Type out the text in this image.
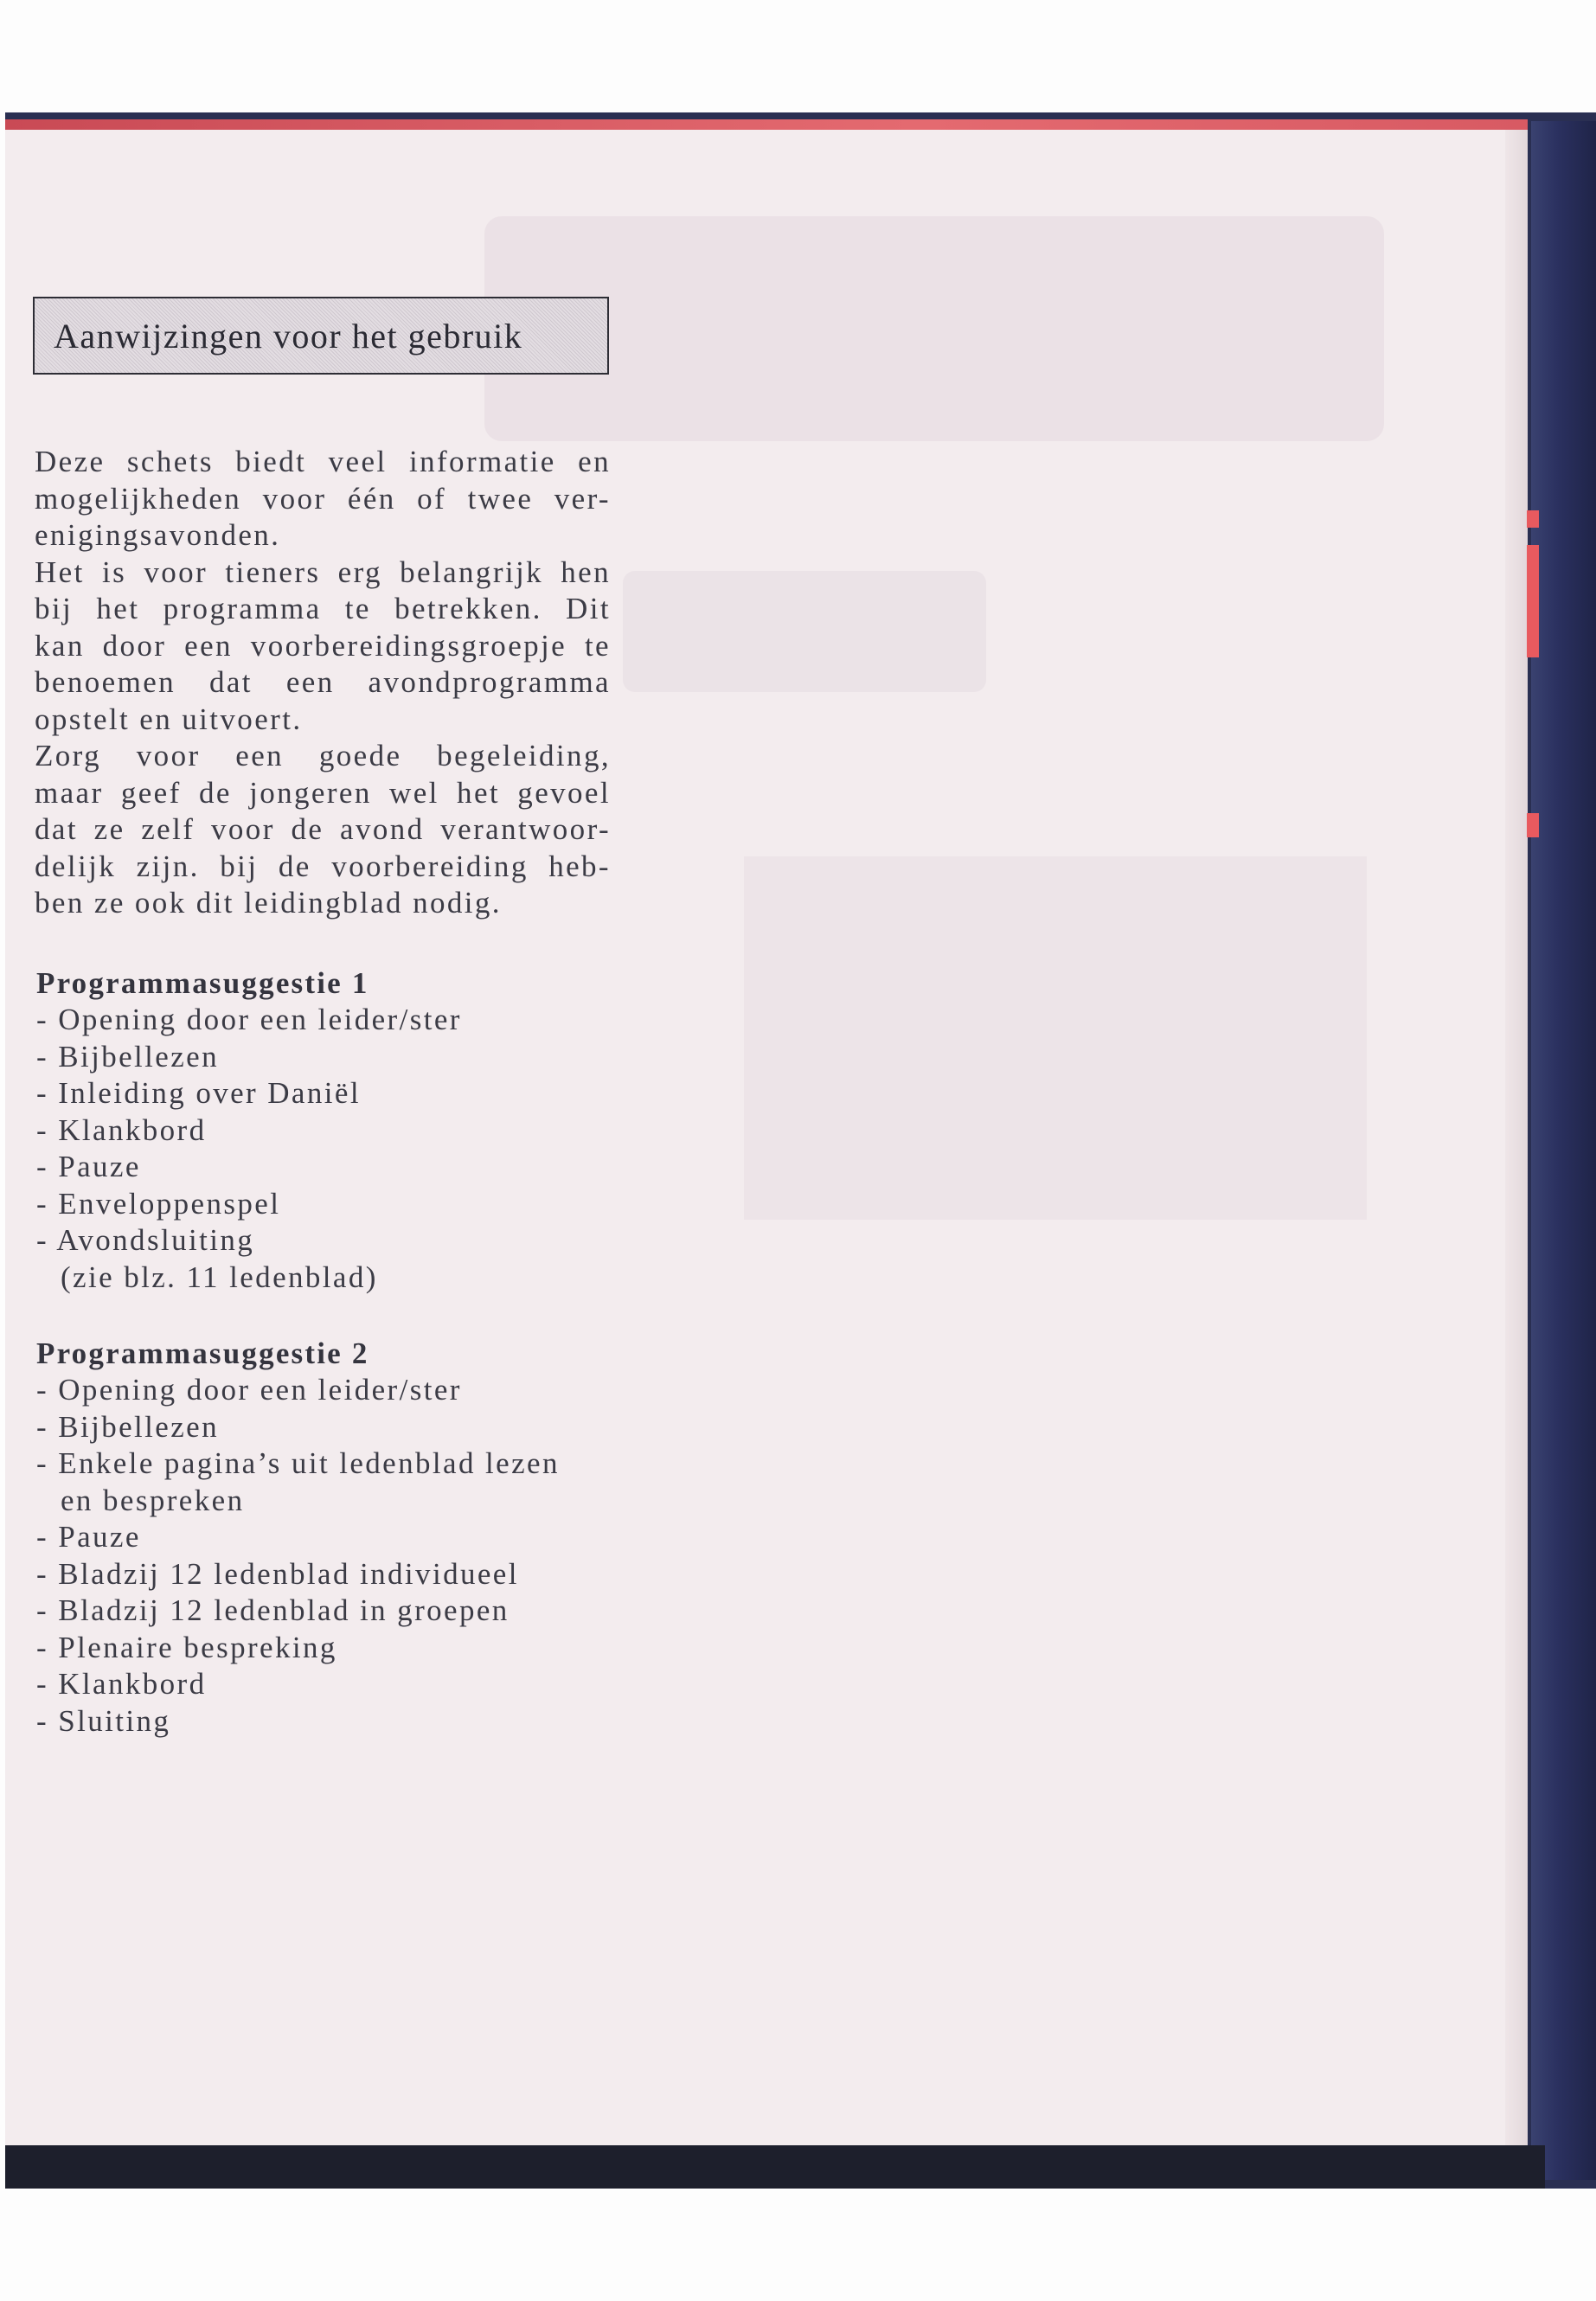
Aanwijzingen voor het gebruik
Deze schets biedt veel informatie en
mogelijkheden voor één of twee ver-
enigingsavonden.
Het is voor tieners erg belangrijk hen
bij het programma te betrekken. Dit
kan door een voorbereidingsgroepje te
benoemen dat een avondprogramma
opstelt en uitvoert.
Zorg voor een goede begeleiding,
maar geef de jongeren wel het gevoel
dat ze zelf voor de avond verantwoor-
delijk zijn. bij de voorbereiding heb-
ben ze ook dit leidingblad nodig.
Programmasuggestie 1
- Opening door een leider/ster
- Bijbellezen
- Inleiding over Daniël
- Klankbord
- Pauze
- Enveloppenspel
- Avondsluiting
(zie blz. 11 ledenblad)
Programmasuggestie 2
- Opening door een leider/ster
- Bijbellezen
- Enkele pagina’s uit ledenblad lezen
en bespreken
- Pauze
- Bladzij 12 ledenblad individueel
- Bladzij 12 ledenblad in groepen
- Plenaire bespreking
- Klankbord
- Sluiting
